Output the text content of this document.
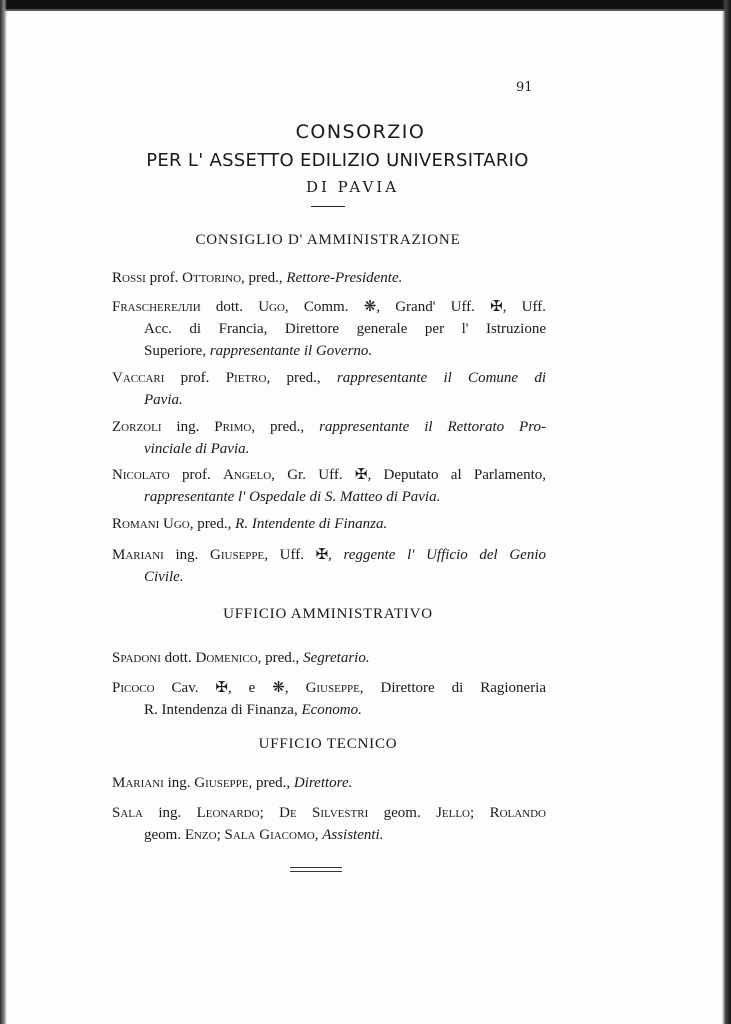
91
CONSORZIO
PER L' ASSETTO EDILIZIO UNIVERSITARIO
DI PAVIA
CONSIGLIO D' AMMINISTRAZIONE
Rossi prof. Ottorino, pred., Rettore-Presidente.
Fraschereлли dott. Ugo, Comm. ❋, Grand' Uff. ✠, Uff.
Acc. di Francia, Direttore generale per l' Istruzione
Superiore, rappresentante il Governo.
Vaccari prof. Pietro, pred., rappresentante il Comune di
Pavia.
Zorzoli ing. Primo, pred., rappresentante il Rettorato Pro-
vinciale di Pavia.
Nicolato prof. Angelo, Gr. Uff. ✠, Deputato al Parlamento,
rappresentante l' Ospedale di S. Matteo di Pavia.
Romani Ugo, pred., R. Intendente di Finanza.
Mariani ing. Giuseppe, Uff. ✠, reggente l' Ufficio del Genio
Civile.
UFFICIO AMMINISTRATIVO
Spadoni dott. Domenico, pred., Segretario.
Picoco Cav. ✠, e ❋, Giuseppe, Direttore di Ragioneria
R. Intendenza di Finanza, Economo.
UFFICIO TECNICO
Mariani ing. Giuseppe, pred., Direttore.
Sala ing. Leonardo; De Silvestri geom. Jello; Rolando
geom. Enzo; Sala Giacomo, Assistenti.
